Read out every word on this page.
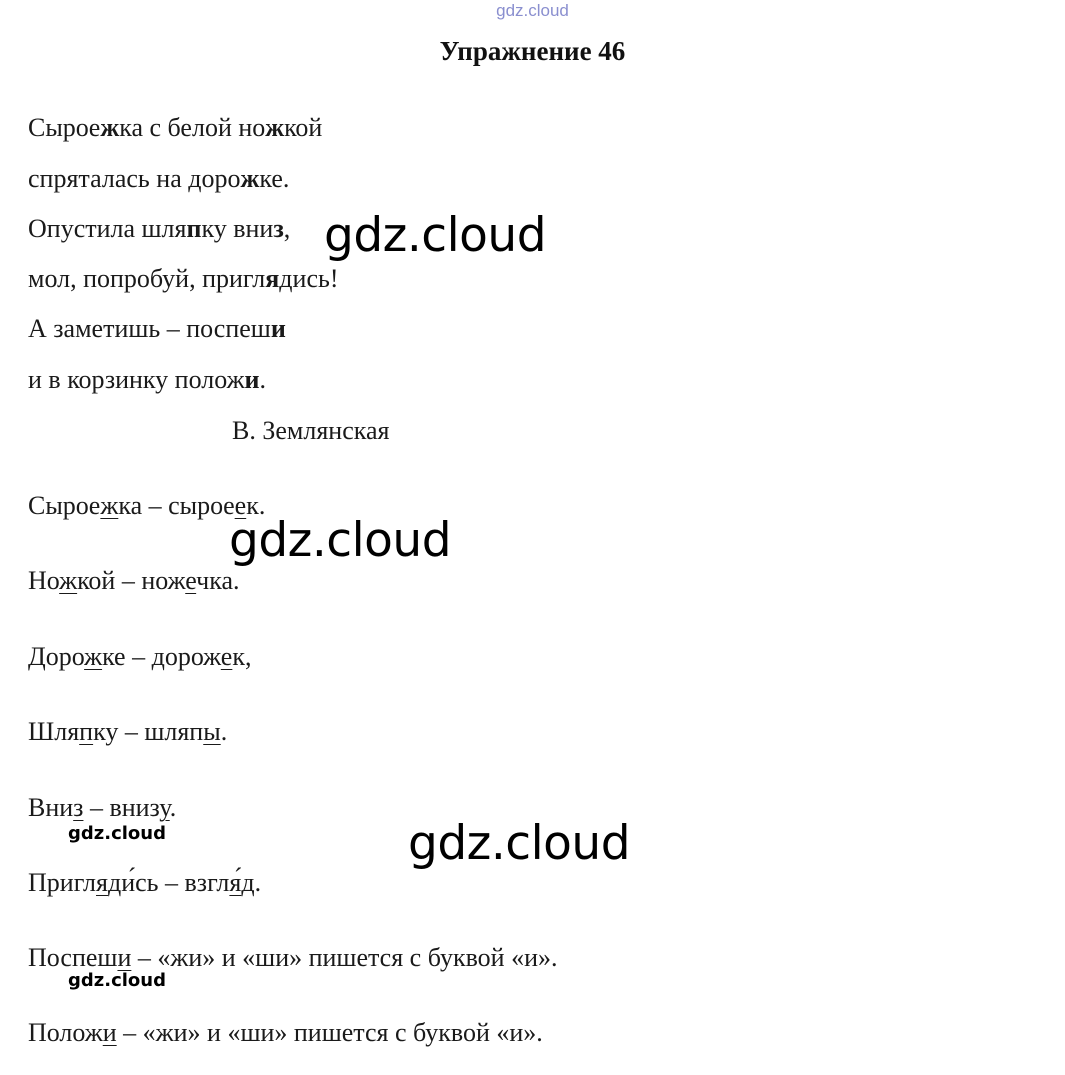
gdz.cloud
Упражнение 46
Сыроeжка с белой ножкой
спряталась на дорожке.
Опустила шляпку вниз,
мол, попробуй, приглядись!
А заметишь – поспеши
и в корзинку положи.
В. Землянская
Сыроeжка – сыроeек.
Ножкой – ножечка.
Дорожке – дорожек,
Шляпку – шляпы.
Вниз – внизу.
Пригляди́сь – взгля́д.
Поспеши – «жи» и «ши» пишется с буквой «и».
Положи – «жи» и «ши» пишется с буквой «и».
gdz.cloud
gdz.cloud
gdz.cloud
gdz.cloud
gdz.cloud
